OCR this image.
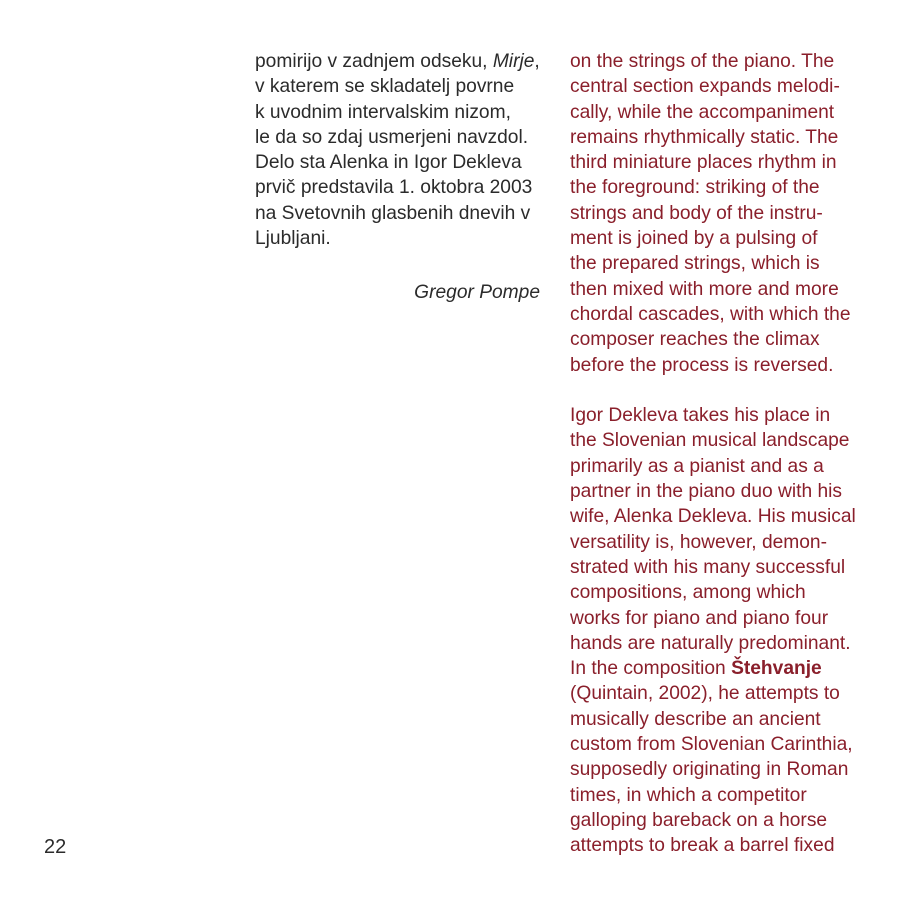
pomirijo v zadnjem odseku, Mirje,
v katerem se skladatelj povrne
k uvodnim intervalskim nizom,
le da so zdaj usmerjeni navzdol.
Delo sta Alenka in Igor Dekleva
prvič predstavila 1. oktobra 2003
na Svetovnih glasbenih dnevih v
Ljubljani.
Gregor Pompe
on the strings of the piano. The
central section expands melodi-
cally, while the accompaniment
remains rhythmically static. The
third miniature places rhythm in
the foreground: striking of the
strings and body of the instru-
ment is joined by a pulsing of
the prepared strings, which is
then mixed with more and more
chordal cascades, with which the
composer reaches the climax
before the process is reversed.
Igor Dekleva takes his place in
the Slovenian musical landscape
primarily as a pianist and as a
partner in the piano duo with his
wife, Alenka Dekleva. His musical
versatility is, however, demon-
strated with his many successful
compositions, among which
works for piano and piano four
hands are naturally predominant.
In the composition Štehvanje
(Quintain, 2002), he attempts to
musically describe an ancient
custom from Slovenian Carinthia,
supposedly originating in Roman
times, in which a competitor
galloping bareback on a horse
attempts to break a barrel fixed
22
